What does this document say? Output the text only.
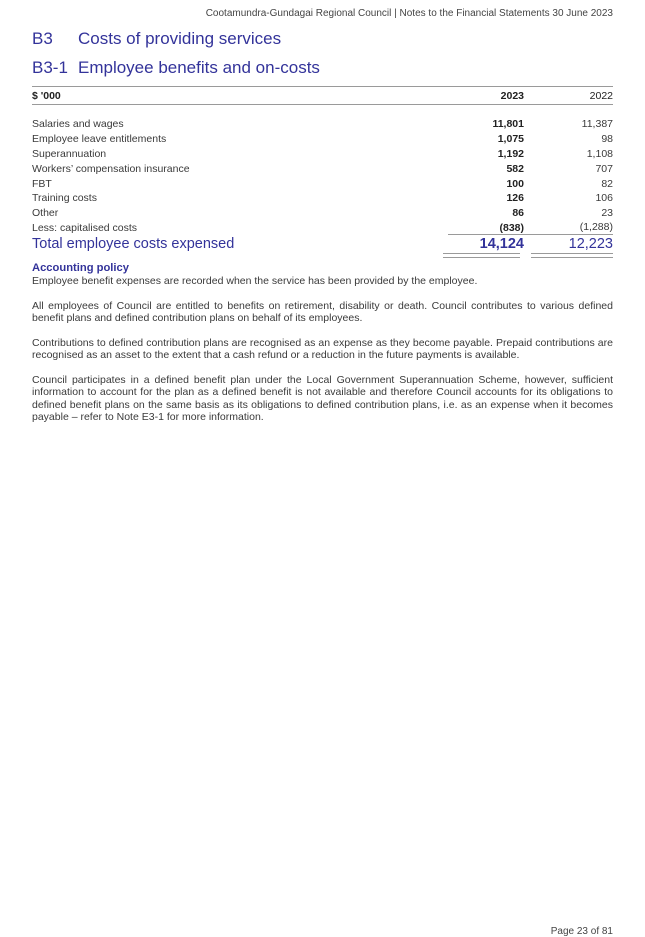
Cootamundra-Gundagai Regional Council | Notes to the Financial Statements 30 June 2023
B3	Costs of providing services
B3-1 Employee benefits and on-costs
$ '000	2023	2022
Salaries and wages	11,801	11,387
Employee leave entitlements	1,075	98
Superannuation	1,192	1,108
Workers’ compensation insurance	582	707
FBT	100	82
Training costs	126	106
Other	86	23
Less: capitalised costs	(838)	(1,288)
Total employee costs expensed	14,124	12,223
Accounting policy

Employee benefit expenses are recorded when the service has been provided by the employee.

All employees of Council are entitled to benefits on retirement, disability or death. Council contributes to various defined benefit plans and defined contribution plans on behalf of its employees.

Contributions to defined contribution plans are recognised as an expense as they become payable. Prepaid contributions are recognised as an asset to the extent that a cash refund or a reduction in the future payments is available.

Council participates in a defined benefit plan under the Local Government Superannuation Scheme, however, sufficient information to account for the plan as a defined benefit is not available and therefore Council accounts for its obligations to defined benefit plans on the same basis as its obligations to defined contribution plans, i.e. as an expense when it becomes payable – refer to Note E3-1 for more information.

Page 23 of 81
